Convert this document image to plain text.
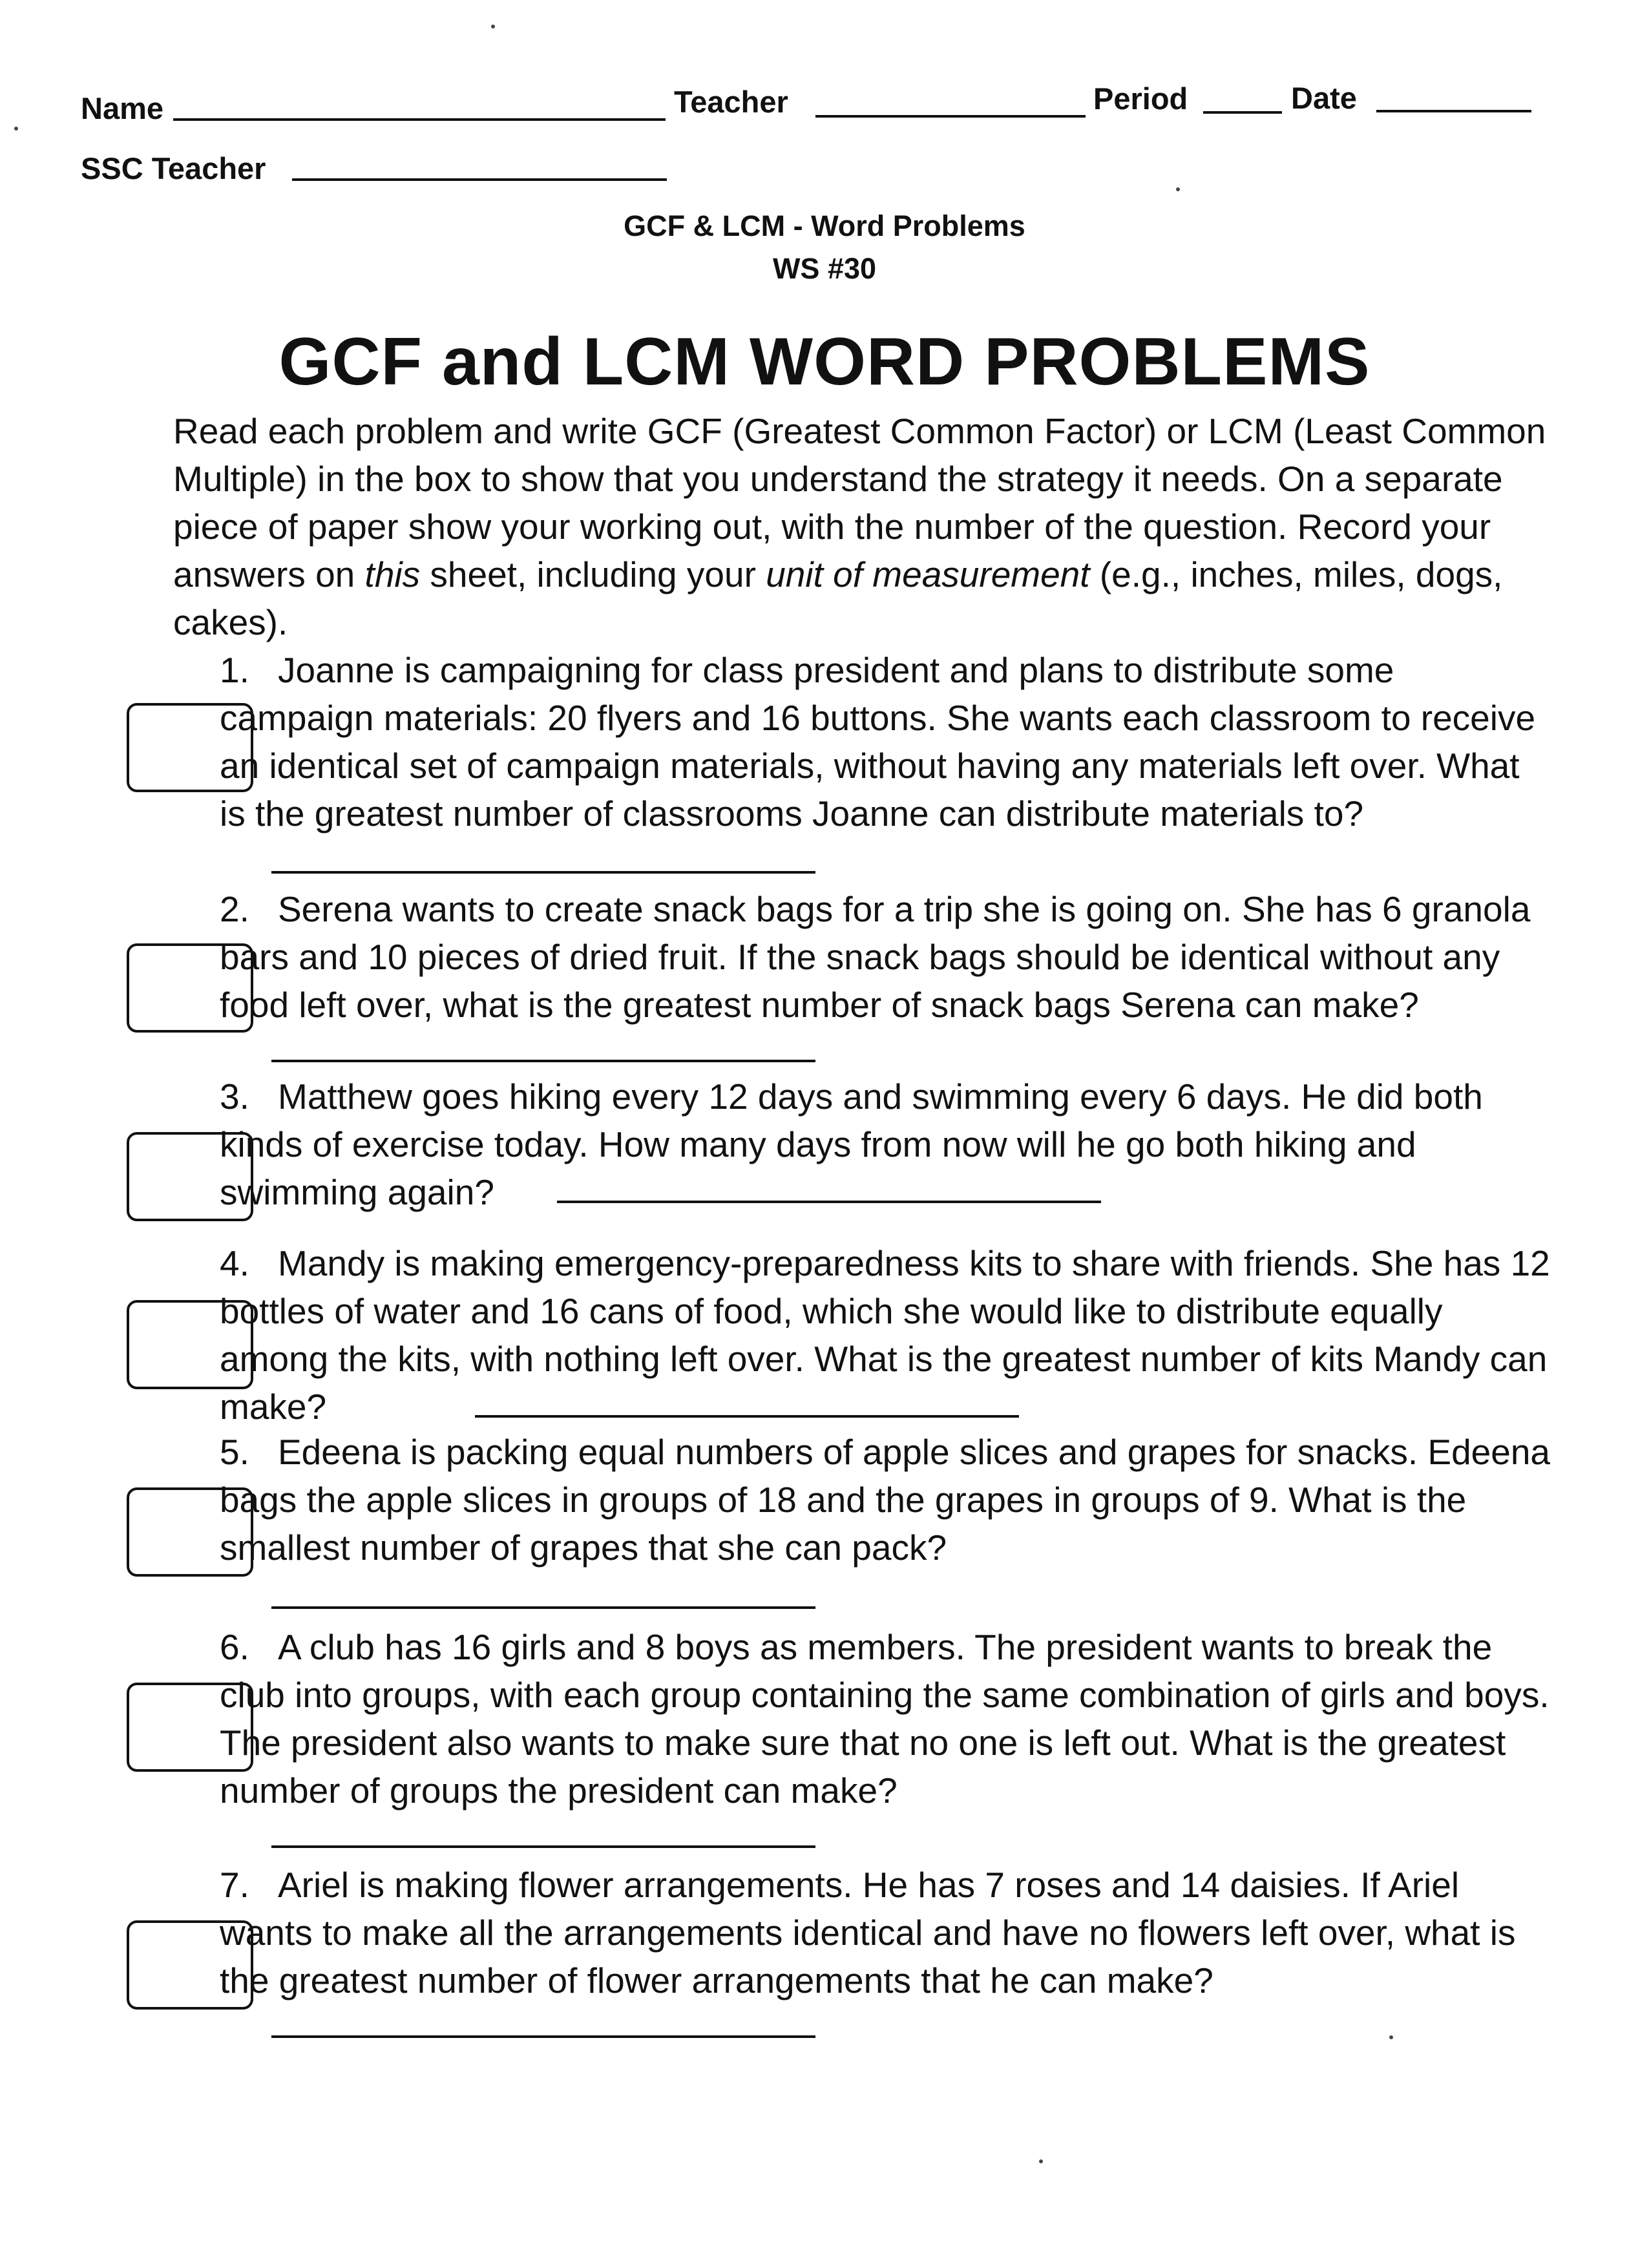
Name	Teacher	Period	Date
SSC Teacher
GCF & LCM - Word Problems
WS #30
GCF and LCM WORD PROBLEMS
Read each problem and write GCF (Greatest Common Factor) or LCM (Least Common Multiple) in the box to show that you understand the strategy it needs. On a separate piece of paper show your working out, with the number of the question. Record your answers on this sheet, including your unit of measurement (e.g., inches, miles, dogs, cakes).
1. Joanne is campaigning for class president and plans to distribute some campaign materials: 20 flyers and 16 buttons. She wants each classroom to receive an identical set of campaign materials, without having any materials left over. What is the greatest number of classrooms Joanne can distribute materials to?
2. Serena wants to create snack bags for a trip she is going on. She has 6 granola bars and 10 pieces of dried fruit. If the snack bags should be identical without any food left over, what is the greatest number of snack bags Serena can make?
3. Matthew goes hiking every 12 days and swimming every 6 days. He did both kinds of exercise today. How many days from now will he go both hiking and swimming again?
4. Mandy is making emergency-preparedness kits to share with friends. She has 12 bottles of water and 16 cans of food, which she would like to distribute equally among the kits, with nothing left over. What is the greatest number of kits Mandy can make?
5. Edeena is packing equal numbers of apple slices and grapes for snacks. Edeena bags the apple slices in groups of 18 and the grapes in groups of 9. What is the smallest number of grapes that she can pack?
6. A club has 16 girls and 8 boys as members. The president wants to break the club into groups, with each group containing the same combination of girls and boys. The president also wants to make sure that no one is left out. What is the greatest number of groups the president can make?
7. Ariel is making flower arrangements. He has 7 roses and 14 daisies. If Ariel wants to make all the arrangements identical and have no flowers left over, what is the greatest number of flower arrangements that he can make?
